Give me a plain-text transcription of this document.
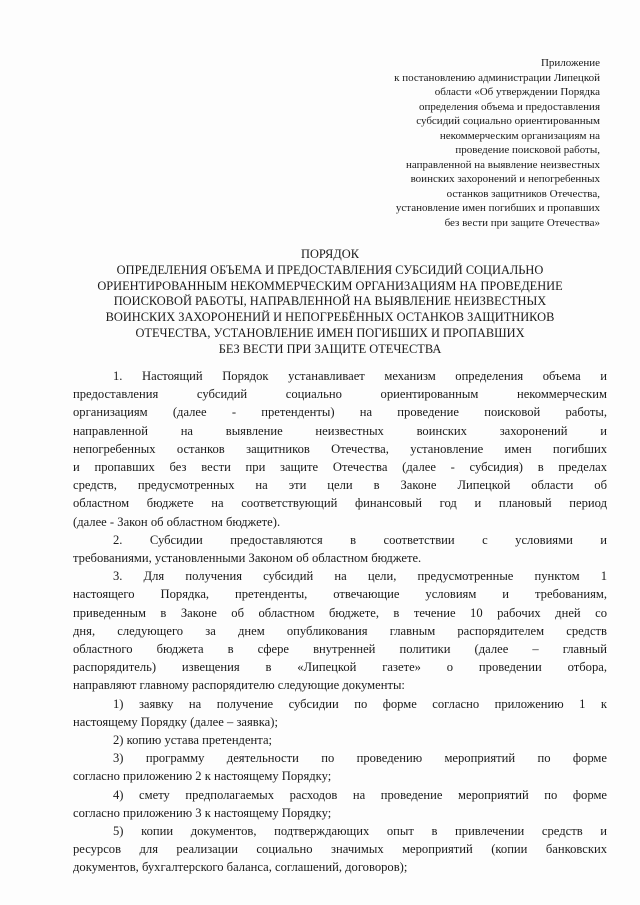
Приложение
к постановлению администрации Липецкой
области «Об утверждении Порядка
определения объема и предоставления
субсидий социально ориентированным
некоммерческим организациям на
проведение поисковой работы,
направленной на выявление неизвестных
воинских захоронений и непогребенных
останков защитников Отечества,
установление имен погибших и пропавших
без вести при защите Отечества»
ПОРЯДОК
ОПРЕДЕЛЕНИЯ ОБЪЕМА И ПРЕДОСТАВЛЕНИЯ СУБСИДИЙ СОЦИАЛЬНО
ОРИЕНТИРОВАННЫМ НЕКОММЕРЧЕСКИМ ОРГАНИЗАЦИЯМ НА ПРОВЕДЕНИЕ
ПОИСКОВОЙ РАБОТЫ, НАПРАВЛЕННОЙ НА ВЫЯВЛЕНИЕ НЕИЗВЕСТНЫХ
ВОИНСКИХ ЗАХОРОНЕНИЙ И НЕПОГРЕБЁННЫХ ОСТАНКОВ ЗАЩИТНИКОВ
ОТЕЧЕСТВА, УСТАНОВЛЕНИЕ ИМЕН ПОГИБШИХ И ПРОПАВШИХ
БЕЗ ВЕСТИ ПРИ ЗАЩИТЕ ОТЕЧЕСТВА
1. Настоящий Порядок устанавливает механизм определения объема и
предоставления субсидий социально ориентированным некоммерческим
организациям (далее - претенденты) на проведение поисковой работы,
направленной на выявление неизвестных воинских захоронений и
непогребенных останков защитников Отечества, установление имен погибших
и пропавших без вести при защите Отечества (далее - субсидия) в пределах
средств, предусмотренных на эти цели в Законе Липецкой области об
областном бюджете на соответствующий финансовый год и плановый период
(далее - Закон об областном бюджете).
2. Субсидии предоставляются в соответствии с условиями и
требованиями, установленными Законом об областном бюджете.
3. Для получения субсидий на цели, предусмотренные пунктом 1
настоящего Порядка, претенденты, отвечающие условиям и требованиям,
приведенным в Законе об областном бюджете, в течение 10 рабочих дней со
дня, следующего за днем опубликования главным распорядителем средств
областного бюджета в сфере внутренней политики (далее – главный
распорядитель) извещения в «Липецкой газете» о проведении отбора,
направляют главному распорядителю следующие документы:
1) заявку на получение субсидии по форме согласно приложению 1 к
настоящему Порядку (далее – заявка);
2) копию устава претендента;
3) программу деятельности по проведению мероприятий по форме
согласно приложению 2 к настоящему Порядку;
4) смету предполагаемых расходов на проведение мероприятий по форме
согласно приложению 3 к настоящему Порядку;
5) копии документов, подтверждающих опыт в привлечении средств и
ресурсов для реализации социально значимых мероприятий (копии банковских
документов, бухгалтерского баланса, соглашений, договоров);
